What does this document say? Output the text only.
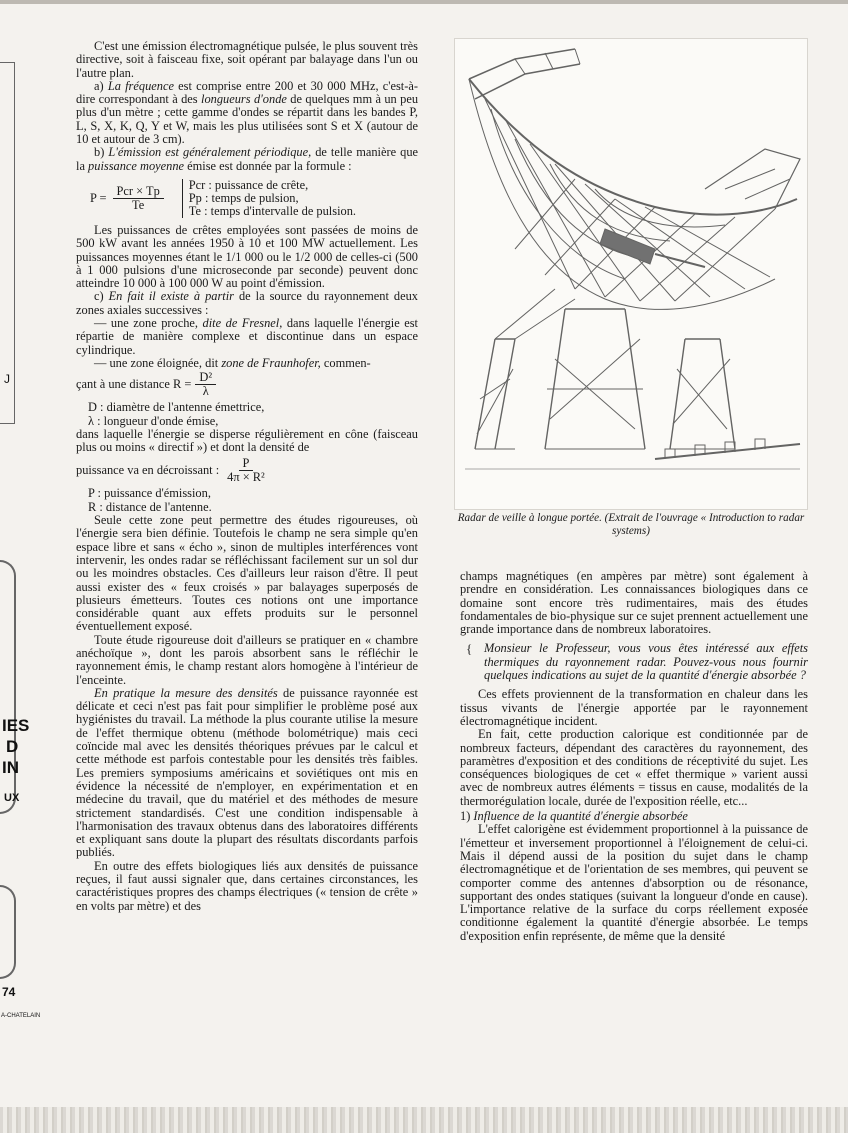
J
IES
D
IN
UX
74
A-CHATELAIN

C'est une émission électromagnétique pulsée, le plus souvent très directive, soit à faisceau fixe, soit opérant par balayage dans l'un ou l'autre plan.

a) La fréquence est comprise entre 200 et 30 000 MHz, c'est-à-dire correspondant à des longueurs d'onde de quelques mm à un peu plus d'un mètre ; cette gamme d'ondes se répartit dans les bandes P, L, S, X, K, Q, Y et W, mais les plus utilisées sont S et X (autour de 10 et autour de 3 cm).

b) L'émission est généralement périodique, de telle manière que la puissance moyenne émise est donnée par la formule :

$P = \frac{\text{Pcr × Tp}}{Te}$ Pcr : puissance de crête,
Pp : temps de pulsion,
Te : temps d'intervalle de pulsion.

Les puissances de crêtes employées sont passées de moins de 500 kW avant les années 1950 à 10 et 100 MW actuellement. Les puissances moyennes étant le 1/1 000 ou le 1/2 000 de celles-ci (500 à 1 000 pulsions d'une microseconde par seconde) peuvent donc atteindre 10 000 à 100 000 W au point d'émission.

c) En fait il existe à partir de la source du rayonnement deux zones axiales successives :

— une zone proche, dite de Fresnel, dans laquelle l'énergie est répartie de manière complexe et discontinue dans un espace cylindrique.

— une zone éloignée, dit zone de Fraunhofer, commen-

çant à une distance $R = \frac{\text{D²}}{\lambda}$

D : diamètre de l'antenne émettrice,

λ : longueur d'onde émise,

dans laquelle l'énergie se disperse régulièrement en cône (faisceau plus ou moins « directif ») et dont la densité de

puissance va en décroissant : $\frac{P}{\text{4π × R²}}$

P : puissance d'émission,

R : distance de l'antenne.

Seule cette zone peut permettre des études rigoureuses, où l'énergie sera bien définie. Toutefois le champ ne sera simple qu'en espace libre et sans « écho », sinon de multiples interférences vont intervenir, les ondes radar se réfléchissant facilement sur un sol dur ou les moindres obstacles. Ces d'ailleurs leur raison d'être. Il peut aussi exister des « feux croisés » par balayages superposés de plusieurs émetteurs. Toutes ces notions ont une importance considérable quant aux effets produits sur le personnel éventuellement exposé.

Toute étude rigoureuse doit d'ailleurs se pratiquer en « chambre anéchoïque », dont les parois absorbent sans le réfléchir le rayonnement émis, le champ restant alors homogène à l'intérieur de l'enceinte.

En pratique la mesure des densités de puissance rayonnée est délicate et ceci n'est pas fait pour simplifier le problème posé aux hygiénistes du travail. La méthode la plus courante utilise la mesure de l'effet thermique obtenu (méthode bolométrique) mais ceci coïncide mal avec les densités théoriques prévues par le calcul et cette méthode est parfois contestable pour les densités très faibles. Les premiers symposiums américains et soviétiques ont mis en évidence la nécessité de n'employer, en expérimentation et en médecine du travail, que du matériel et des méthodes de mesure strictement standardisés. C'est une condition indispensable à l'harmonisation des travaux obtenus dans des laboratoires différents et expliquant sans doute la plupart des résultats discordants parfois publiés.

En outre des effets biologiques liés aux densités de puissance reçues, il faut aussi signaler que, dans certaines circonstances, les caractéristiques propres des champs électriques (« tension de crête » en volts par mètre) et des

Radar de veille à longue portée. (Extrait de l'ouvrage « Introduction to radar systems)

champs magnétiques (en ampères par mètre) sont également à prendre en considération. Les connaissances biologiques dans ce domaine sont encore très rudimentaires, mais des études fondamentales de bio-physique sur ce sujet prennent actuellement une grande importance dans de nombreux laboratoires.

{ Monsieur le Professeur, vous vous êtes intéressé aux effets thermiques du rayonnement radar. Pouvez-vous nous fournir quelques indications au sujet de la quantité d'énergie absorbée ?

Ces effets proviennent de la transformation en chaleur dans les tissus vivants de l'énergie apportée par le rayonnement électromagnétique incident.

En fait, cette production calorique est conditionnée par de nombreux facteurs, dépendant des caractères du rayonnement, des paramètres d'exposition et des conditions de réceptivité du sujet. Les conséquences biologiques de cet « effet thermique » varient aussi avec de nombreux autres éléments = tissus en cause, modalités de la thermorégulation locale, durée de l'exposition réelle, etc...

1) Influence de la quantité d'énergie absorbée

L'effet calorigène est évidemment proportionnel à la puissance de l'émetteur et inversement proportionnel à l'éloignement de celui-ci. Mais il dépend aussi de la position du sujet dans le champ électromagnétique et de l'orientation de ses membres, qui peuvent se comporter comme des antennes d'absorption ou de résonance, supportant des ondes statiques (suivant la longueur d'onde en cause). L'importance relative de la surface du corps réellement exposée conditionne également la quantité d'énergie absorbée. Le temps d'exposition enfin représente, de même que la densité
